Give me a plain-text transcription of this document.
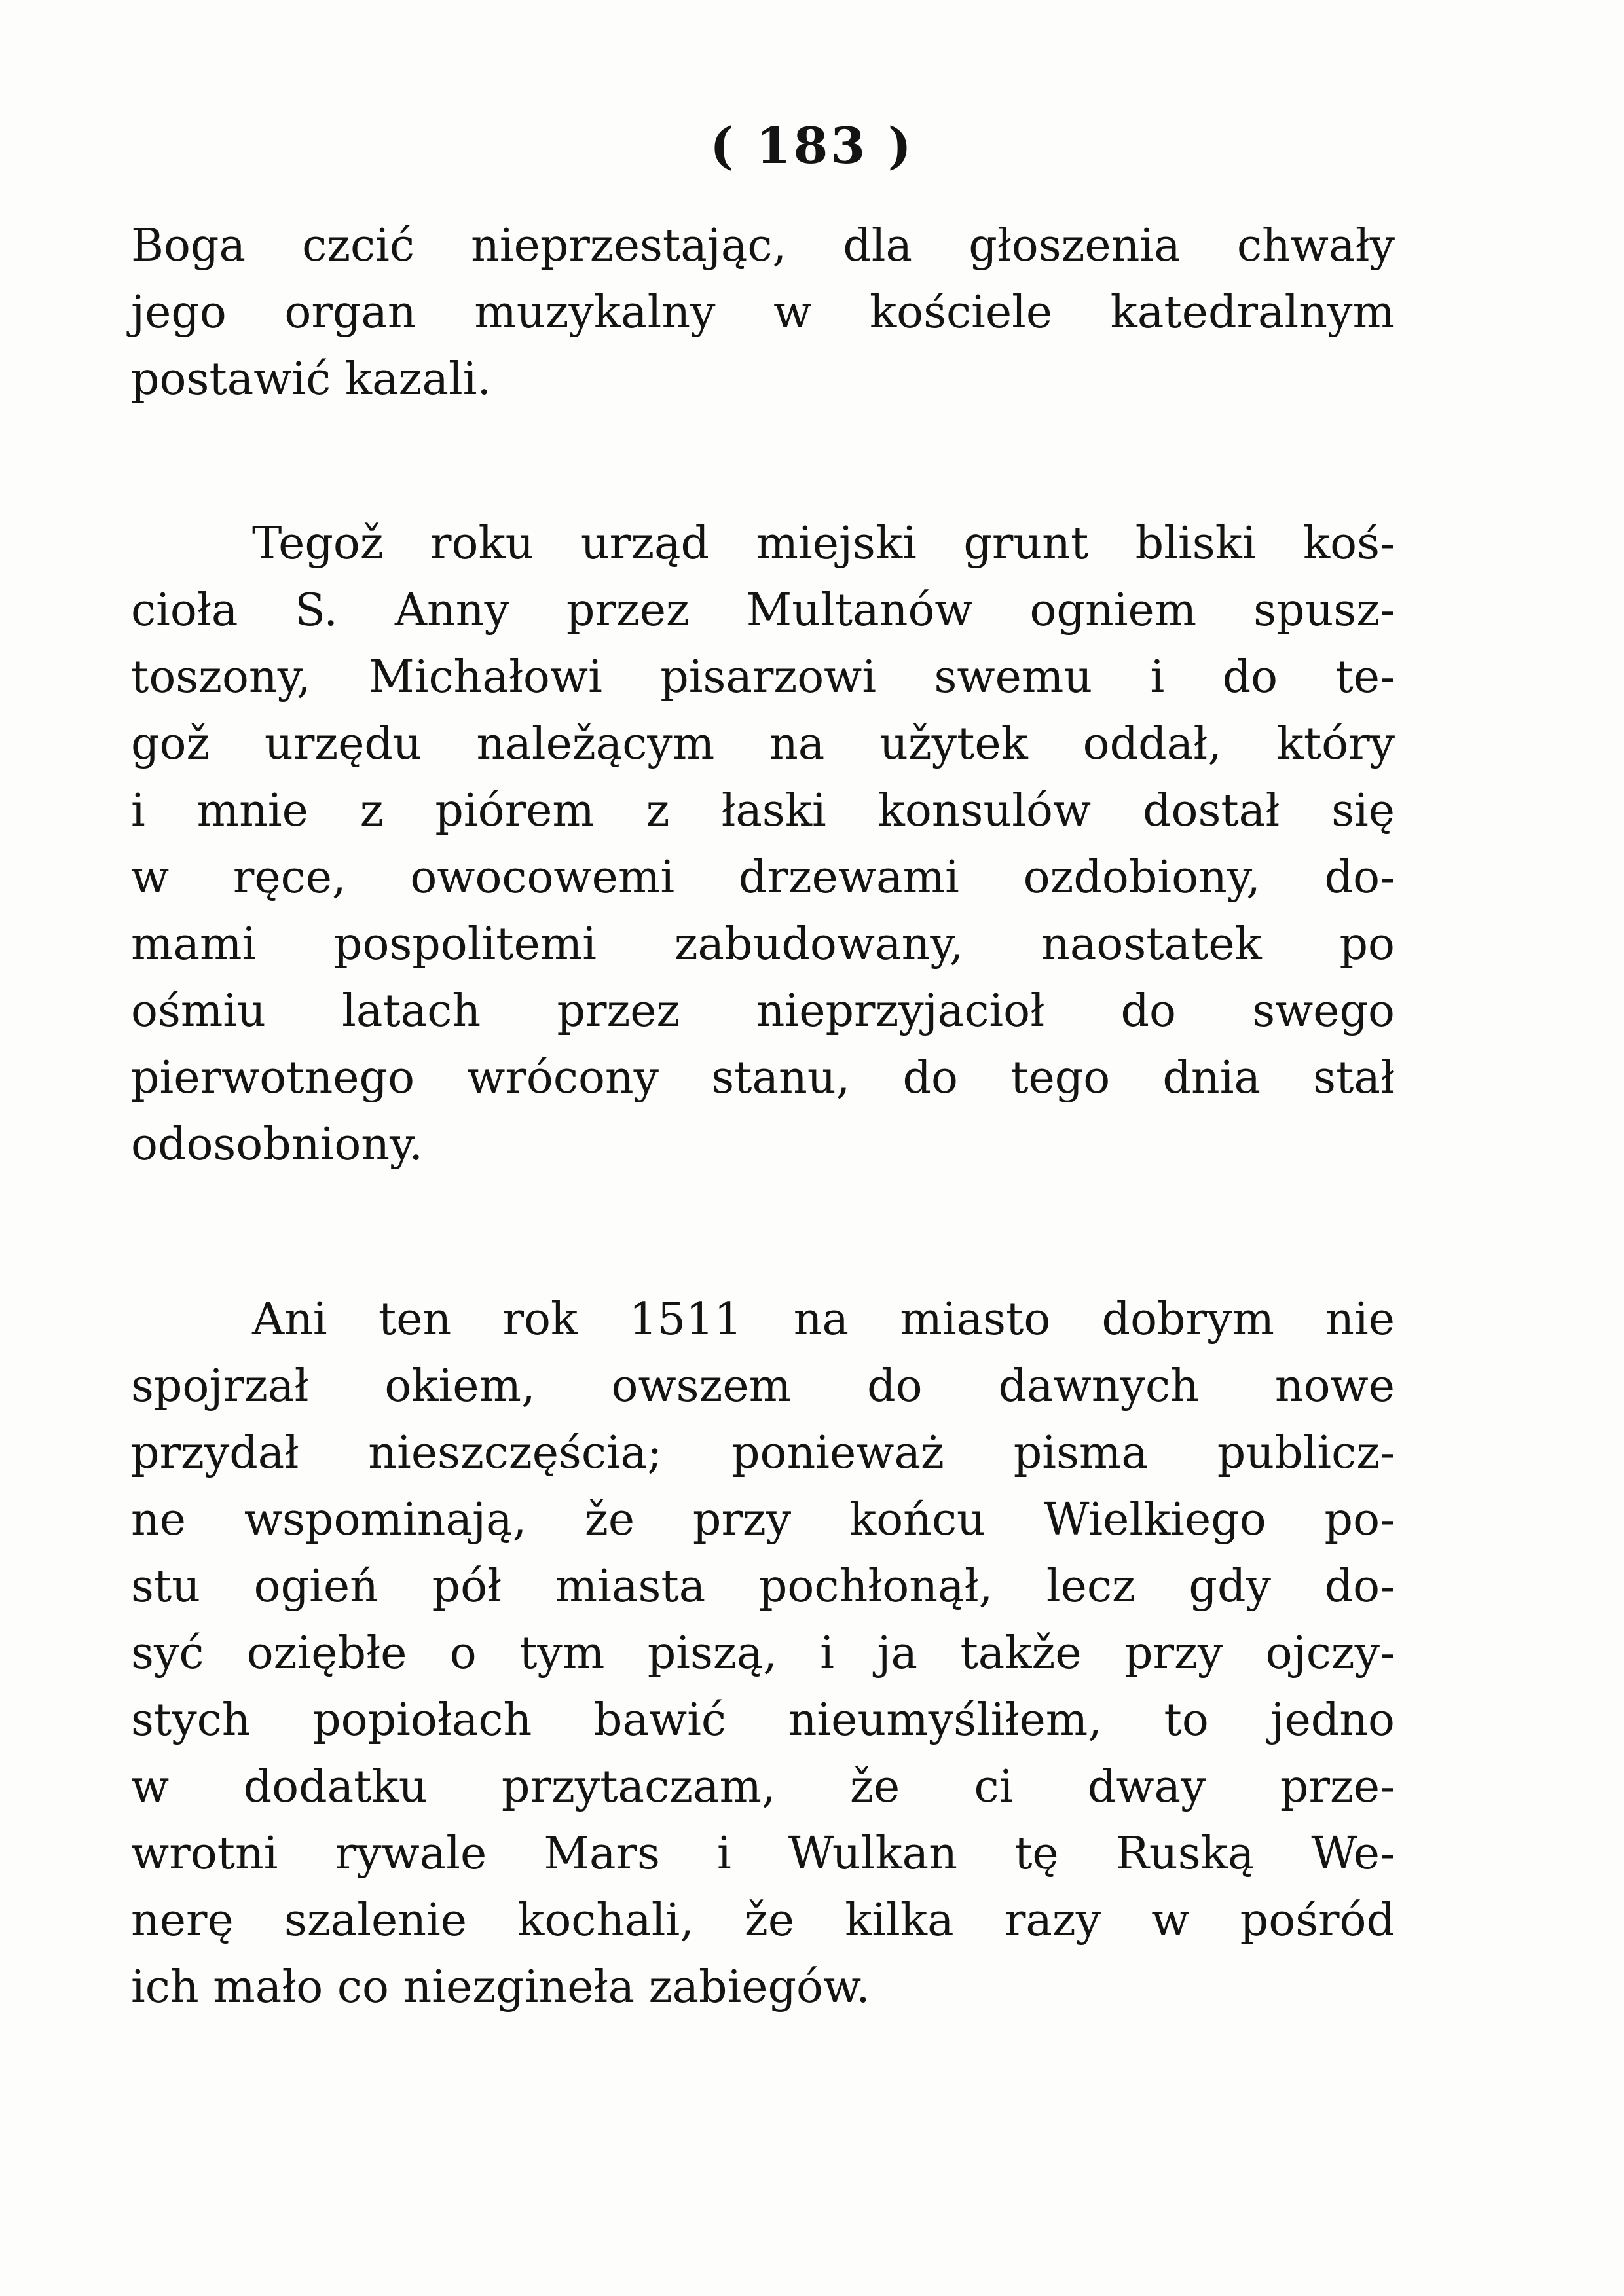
( 183 )
Boga czcić nieprzestając, dla głoszenia chwały
jego organ muzykalny w kościele katedralnym
postawić kazali.
Tegož roku urząd miejski grunt bliski koś-
cioła S. Anny przez Multanów ogniem spusz-
toszony, Michałowi pisarzowi swemu i do te-
gož urzędu naležącym na užytek oddał, który
i mnie z piórem z łaski konsulów dostał się
w ręce, owocowemi drzewami ozdobiony, do-
mami pospolitemi zabudowany, naostatek po
ośmiu latach przez nieprzyjacioł do swego
pierwotnego wrócony stanu, do tego dnia stał
odosobniony.
Ani ten rok 1511 na miasto dobrym nie
spojrzał okiem, owszem do dawnych nowe
przydał nieszczęścia; ponieważ pisma publicz-
ne wspominają, že przy końcu Wielkiego po-
stu ogień pół miasta pochłonął, lecz gdy do-
syć oziębłe o tym piszą, i ja takže przy ojczy-
stych popiołach bawić nieumyśliłem, to jedno
w dodatku przytaczam, že ci dway prze-
wrotni rywale Mars i Wulkan tę Ruską We-
nerę szalenie kochali, že kilka razy w pośród
ich mało co niezgineła zabiegów.
